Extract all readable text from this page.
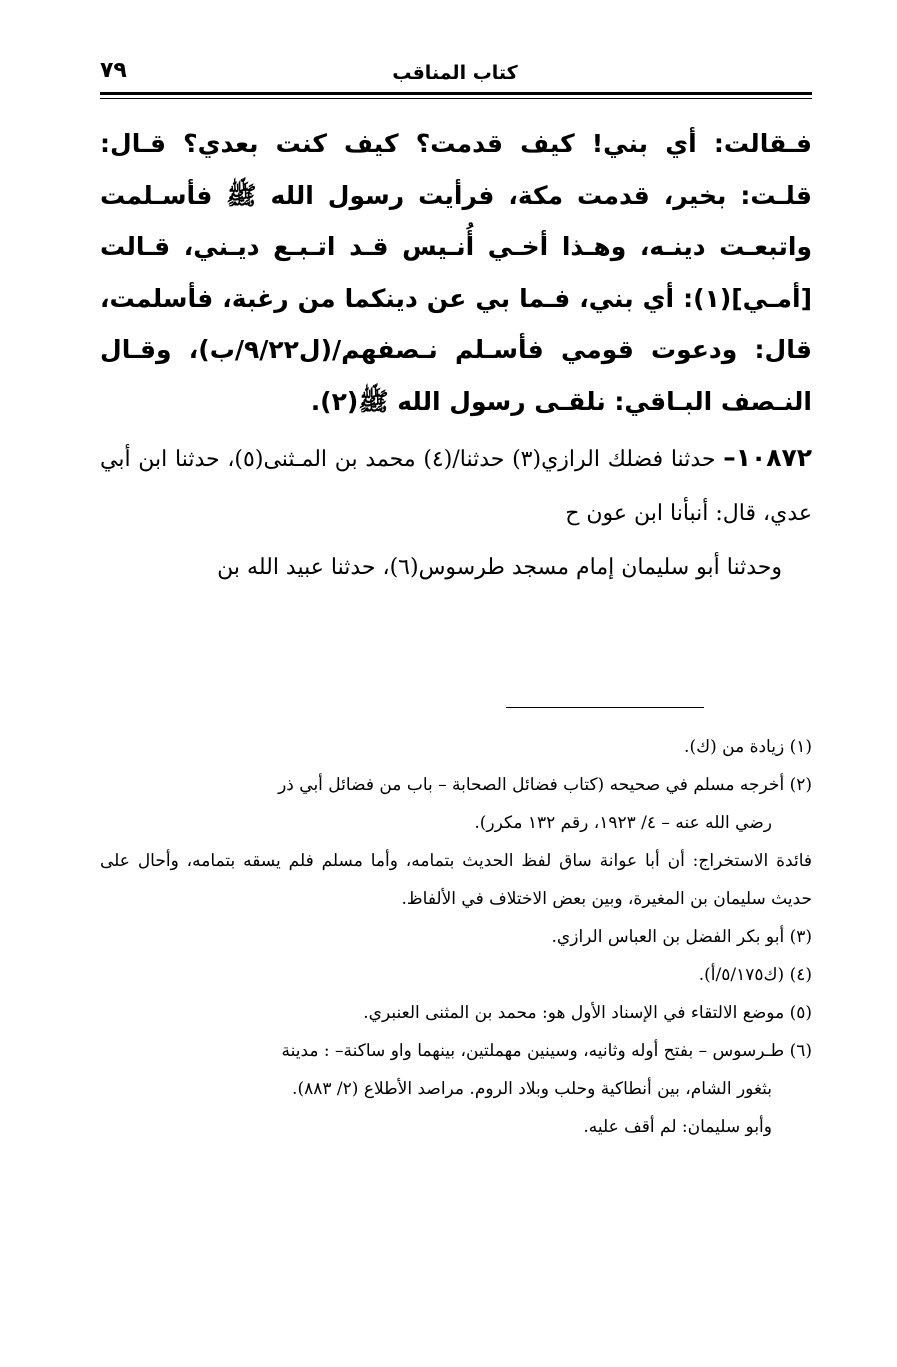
كتاب المناقب
٧٩

فـقالت: أي بني! كيف قدمت؟ كيف كنت بعدي؟ قـال: قلـت: بخير، قدمت مكة، فرأيت رسول الله ﷺ فأسـلمت واتبعـت دينـه، وهـذا أخـي أُنـيس قـد اتـبـع ديـني، قـالت [أمـي](١): أي بني، فـما بي عن دينكما من رغبة، فأسلمت، قال: ودعوت قومي فأسـلم نـصفهم/(ل٩/٢٢/ب)، وقـال النـصف البـاقي: نلقـى رسول الله ﷺ(٢).

١٠٨٧٢– حدثنا فضلك الرازي(٣) حدثنا/(٤) محمد بن المـثنى(٥)، حدثنا ابن أبي عدي، قال: أنبأنا ابن عون ح

وحدثنا أبو سليمان إمام مسجد طرسوس(٦)، حدثنا عبيد الله بن

(١) زيادة من (ك).

(٢) أخرجه مسلم في صحيحه (كتاب فضائل الصحابة – باب من فضائل أبي ذر

رضي الله عنه – ٤/ ١٩٢٣، رقم ١٣٢ مكرر).

فائدة الاستخراج: أن أبا عوانة ساق لفظ الحديث بتمامه، وأما مسلم فلم يسقه بتمامه، وأحال على حديث سليمان بن المغيرة، وبين بعض الاختلاف في الألفاظ.

(٣) أبو بكر الفضل بن العباس الرازي.

(٤) (ك٥/١٧٥/أ).

(٥) موضع الالتقاء في الإسناد الأول هو: محمد بن المثنى العنبري.

(٦) طـرسوس – بفتح أوله وثانيه، وسينين مهملتين، بينهما واو ساكنة– : مدينة

بثغور الشام، بين أنطاكية وحلب وبلاد الروم. مراصد الأطلاع (٢/ ٨٨٣).

وأبو سليمان: لم أقف عليه.
